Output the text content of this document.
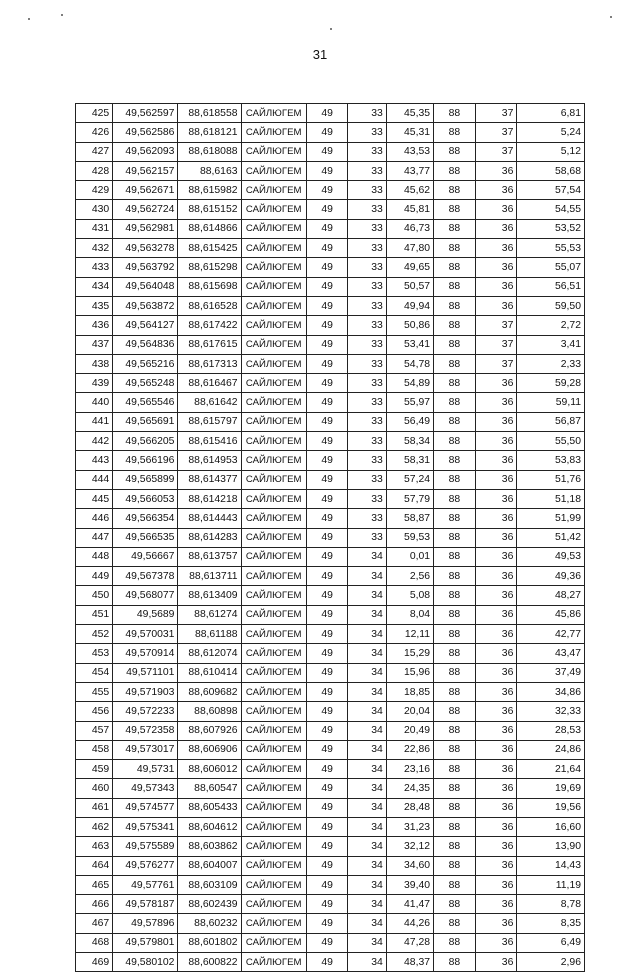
31
425	49,562597	88,618558	САЙЛЮГЕМ	49	33	45,35	88	37	6,81
426	49,562586	88,618121	САЙЛЮГЕМ	49	33	45,31	88	37	5,24
427	49,562093	88,618088	САЙЛЮГЕМ	49	33	43,53	88	37	5,12
428	49,562157	88,6163	САЙЛЮГЕМ	49	33	43,77	88	36	58,68
429	49,562671	88,615982	САЙЛЮГЕМ	49	33	45,62	88	36	57,54
430	49,562724	88,615152	САЙЛЮГЕМ	49	33	45,81	88	36	54,55
431	49,562981	88,614866	САЙЛЮГЕМ	49	33	46,73	88	36	53,52
432	49,563278	88,615425	САЙЛЮГЕМ	49	33	47,80	88	36	55,53
433	49,563792	88,615298	САЙЛЮГЕМ	49	33	49,65	88	36	55,07
434	49,564048	88,615698	САЙЛЮГЕМ	49	33	50,57	88	36	56,51
435	49,563872	88,616528	САЙЛЮГЕМ	49	33	49,94	88	36	59,50
436	49,564127	88,617422	САЙЛЮГЕМ	49	33	50,86	88	37	2,72
437	49,564836	88,617615	САЙЛЮГЕМ	49	33	53,41	88	37	3,41
438	49,565216	88,617313	САЙЛЮГЕМ	49	33	54,78	88	37	2,33
439	49,565248	88,616467	САЙЛЮГЕМ	49	33	54,89	88	36	59,28
440	49,565546	88,61642	САЙЛЮГЕМ	49	33	55,97	88	36	59,11
441	49,565691	88,615797	САЙЛЮГЕМ	49	33	56,49	88	36	56,87
442	49,566205	88,615416	САЙЛЮГЕМ	49	33	58,34	88	36	55,50
443	49,566196	88,614953	САЙЛЮГЕМ	49	33	58,31	88	36	53,83
444	49,565899	88,614377	САЙЛЮГЕМ	49	33	57,24	88	36	51,76
445	49,566053	88,614218	САЙЛЮГЕМ	49	33	57,79	88	36	51,18
446	49,566354	88,614443	САЙЛЮГЕМ	49	33	58,87	88	36	51,99
447	49,566535	88,614283	САЙЛЮГЕМ	49	33	59,53	88	36	51,42
448	49,56667	88,613757	САЙЛЮГЕМ	49	34	0,01	88	36	49,53
449	49,567378	88,613711	САЙЛЮГЕМ	49	34	2,56	88	36	49,36
450	49,568077	88,613409	САЙЛЮГЕМ	49	34	5,08	88	36	48,27
451	49,5689	88,61274	САЙЛЮГЕМ	49	34	8,04	88	36	45,86
452	49,570031	88,61188	САЙЛЮГЕМ	49	34	12,11	88	36	42,77
453	49,570914	88,612074	САЙЛЮГЕМ	49	34	15,29	88	36	43,47
454	49,571101	88,610414	САЙЛЮГЕМ	49	34	15,96	88	36	37,49
455	49,571903	88,609682	САЙЛЮГЕМ	49	34	18,85	88	36	34,86
456	49,572233	88,60898	САЙЛЮГЕМ	49	34	20,04	88	36	32,33
457	49,572358	88,607926	САЙЛЮГЕМ	49	34	20,49	88	36	28,53
458	49,573017	88,606906	САЙЛЮГЕМ	49	34	22,86	88	36	24,86
459	49,5731	88,606012	САЙЛЮГЕМ	49	34	23,16	88	36	21,64
460	49,57343	88,60547	САЙЛЮГЕМ	49	34	24,35	88	36	19,69
461	49,574577	88,605433	САЙЛЮГЕМ	49	34	28,48	88	36	19,56
462	49,575341	88,604612	САЙЛЮГЕМ	49	34	31,23	88	36	16,60
463	49,575589	88,603862	САЙЛЮГЕМ	49	34	32,12	88	36	13,90
464	49,576277	88,604007	САЙЛЮГЕМ	49	34	34,60	88	36	14,43
465	49,57761	88,603109	САЙЛЮГЕМ	49	34	39,40	88	36	11,19
466	49,578187	88,602439	САЙЛЮГЕМ	49	34	41,47	88	36	8,78
467	49,57896	88,60232	САЙЛЮГЕМ	49	34	44,26	88	36	8,35
468	49,579801	88,601802	САЙЛЮГЕМ	49	34	47,28	88	36	6,49
469	49,580102	88,600822	САЙЛЮГЕМ	49	34	48,37	88	36	2,96
